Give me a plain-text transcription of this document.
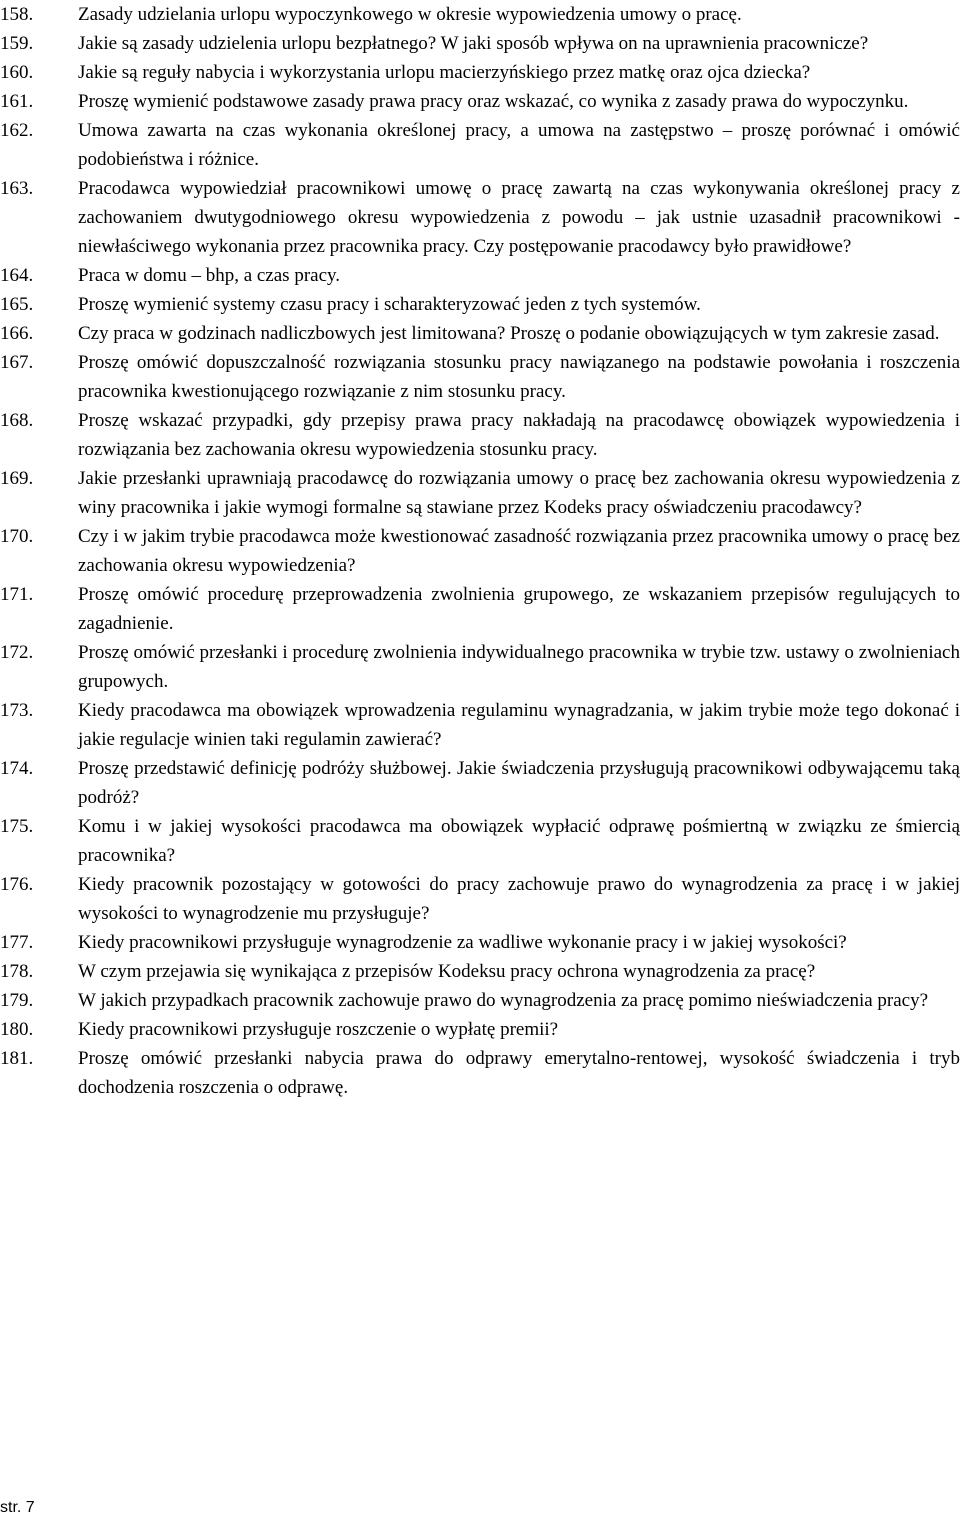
158.	Zasady udzielania urlopu wypoczynkowego w okresie wypowiedzenia umowy o pracę.
159.	Jakie są zasady udzielenia urlopu bezpłatnego? W jaki sposób wpływa on na uprawnienia pracownicze?
160.	Jakie są reguły nabycia i wykorzystania urlopu macierzyńskiego przez matkę oraz ojca dziecka?
161.	Proszę wymienić podstawowe zasady prawa pracy oraz wskazać, co wynika z zasady prawa do wypoczynku.
162.	Umowa zawarta na czas wykonania określonej pracy, a umowa na zastępstwo – proszę porównać i omówić podobieństwa i różnice.
163.	Pracodawca wypowiedział pracownikowi umowę o pracę zawartą na czas wykonywania określonej pracy z zachowaniem dwutygodniowego okresu wypowiedzenia z powodu – jak ustnie uzasadnił pracownikowi - niewłaściwego wykonania przez pracownika pracy. Czy postępowanie pracodawcy było prawidłowe?
164.	Praca w domu – bhp, a czas pracy.
165.	Proszę wymienić systemy czasu pracy i scharakteryzować jeden z tych systemów.
166.	Czy praca w godzinach nadliczbowych jest limitowana? Proszę o podanie obowiązujących w tym zakresie zasad.
167.	Proszę omówić dopuszczalność rozwiązania stosunku pracy nawiązanego na podstawie powołania i roszczenia pracownika kwestionującego rozwiązanie z nim stosunku pracy.
168.	Proszę wskazać przypadki, gdy przepisy prawa pracy nakładają na pracodawcę obowiązek wypowiedzenia i rozwiązania bez zachowania okresu wypowiedzenia stosunku pracy.
169.	Jakie przesłanki uprawniają pracodawcę do rozwiązania umowy o pracę bez zachowania okresu wypowiedzenia z winy pracownika i jakie wymogi formalne są stawiane przez Kodeks pracy oświadczeniu pracodawcy?
170.	Czy i w jakim trybie pracodawca może kwestionować zasadność rozwiązania przez pracownika umowy o pracę bez zachowania okresu wypowiedzenia?
171.	Proszę omówić procedurę przeprowadzenia zwolnienia grupowego, ze wskazaniem przepisów regulujących to zagadnienie.
172.	Proszę omówić przesłanki i procedurę zwolnienia indywidualnego pracownika w trybie tzw. ustawy o zwolnieniach grupowych.
173.	Kiedy pracodawca ma obowiązek wprowadzenia regulaminu wynagradzania, w jakim trybie może tego dokonać i jakie regulacje winien taki regulamin zawierać?
174.	Proszę przedstawić definicję podróży służbowej. Jakie świadczenia przysługują pracownikowi odbywającemu taką podróż?
175.	Komu i w jakiej wysokości pracodawca ma obowiązek wypłacić odprawę pośmiertną w związku ze śmiercią pracownika?
176.	Kiedy pracownik pozostający w gotowości do pracy zachowuje prawo do wynagrodzenia za pracę i w jakiej wysokości to wynagrodzenie mu przysługuje?
177.	Kiedy pracownikowi przysługuje wynagrodzenie za wadliwe wykonanie pracy i w jakiej wysokości?
178.	W czym przejawia się wynikająca z przepisów Kodeksu pracy ochrona wynagrodzenia za pracę?
179.	W jakich przypadkach pracownik zachowuje prawo do wynagrodzenia za pracę pomimo nieświadczenia pracy?
180.	Kiedy pracownikowi przysługuje roszczenie o wypłatę premii?
181.	Proszę omówić przesłanki nabycia prawa do odprawy emerytalno-rentowej, wysokość świadczenia i tryb dochodzenia roszczenia o odprawę.
str. 7
